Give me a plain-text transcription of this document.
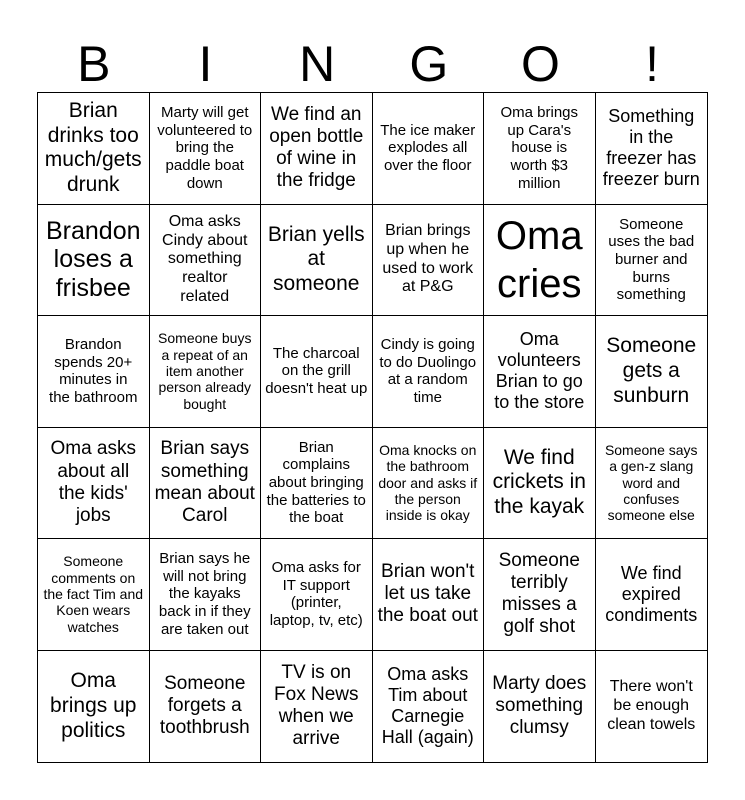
B	I	N	G	O	!
Brian drinks too much/gets drunk
Marty will get volunteered to bring the paddle boat down
We find an open bottle of wine in the fridge
The ice maker explodes all over the floor
Oma brings up Cara's house is worth $3 million
Something in the freezer has freezer burn
Brandon loses a frisbee
Oma asks Cindy about something realtor related
Brian yells at someone
Brian brings up when he used to work at P&G
Oma cries
Someone uses the bad burner and burns something
Brandon spends 20+ minutes in the bathroom
Someone buys a repeat of an item another person already bought
The charcoal on the grill doesn't heat up
Cindy is going to do Duolingo at a random time
Oma volunteers Brian to go to the store
Someone gets a sunburn
Oma asks about all the kids' jobs
Brian says something mean about Carol
Brian complains about bringing the batteries to the boat
Oma knocks on the bathroom door and asks if the person inside is okay
We find crickets in the kayak
Someone says a gen-z slang word and confuses someone else
Someone comments on the fact Tim and Koen wears watches
Brian says he will not bring the kayaks back in if they are taken out
Oma asks for IT support (printer, laptop, tv, etc)
Brian won't let us take the boat out
Someone terribly misses a golf shot
We find expired condiments
Oma brings up politics
Someone forgets a toothbrush
TV is on Fox News when we arrive
Oma asks Tim about Carnegie Hall (again)
Marty does something clumsy
There won't be enough clean towels
